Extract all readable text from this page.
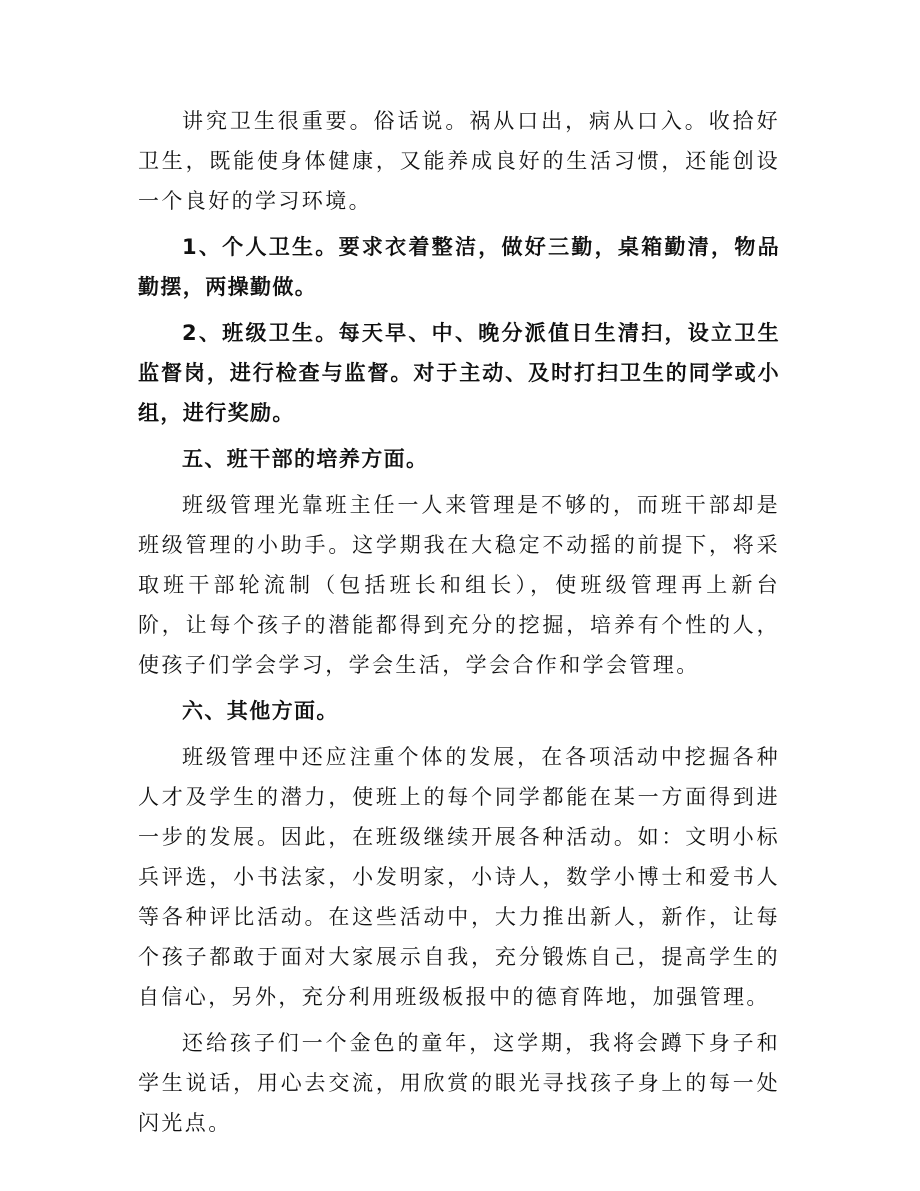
讲究卫生很重要。俗话说。祸从口出，病从口入。收拾好卫生，既能使身体健康，又能养成良好的生活习惯，还能创设一个良好的学习环境。

1、个人卫生。要求衣着整洁，做好三勤，桌箱勤清，物品勤摆，两操勤做。

2、班级卫生。每天早、中、晚分派值日生清扫，设立卫生监督岗，进行检查与监督。对于主动、及时打扫卫生的同学或小组，进行奖励。

五、班干部的培养方面。

班级管理光靠班主任一人来管理是不够的，而班干部却是班级管理的小助手。这学期我在大稳定不动摇的前提下，将采取班干部轮流制（包括班长和组长），使班级管理再上新台阶，让每个孩子的潜能都得到充分的挖掘，培养有个性的人，使孩子们学会学习，学会生活，学会合作和学会管理。

六、其他方面。

班级管理中还应注重个体的发展，在各项活动中挖掘各种人才及学生的潜力，使班上的每个同学都能在某一方面得到进一步的发展。因此，在班级继续开展各种活动。如：文明小标兵评选，小书法家，小发明家，小诗人，数学小博士和爱书人等各种评比活动。在这些活动中，大力推出新人，新作，让每个孩子都敢于面对大家展示自我，充分锻炼自己，提高学生的自信心，另外，充分利用班级板报中的德育阵地，加强管理。

还给孩子们一个金色的童年，这学期，我将会蹲下身子和学生说话，用心去交流，用欣赏的眼光寻找孩子身上的每一处闪光点。
